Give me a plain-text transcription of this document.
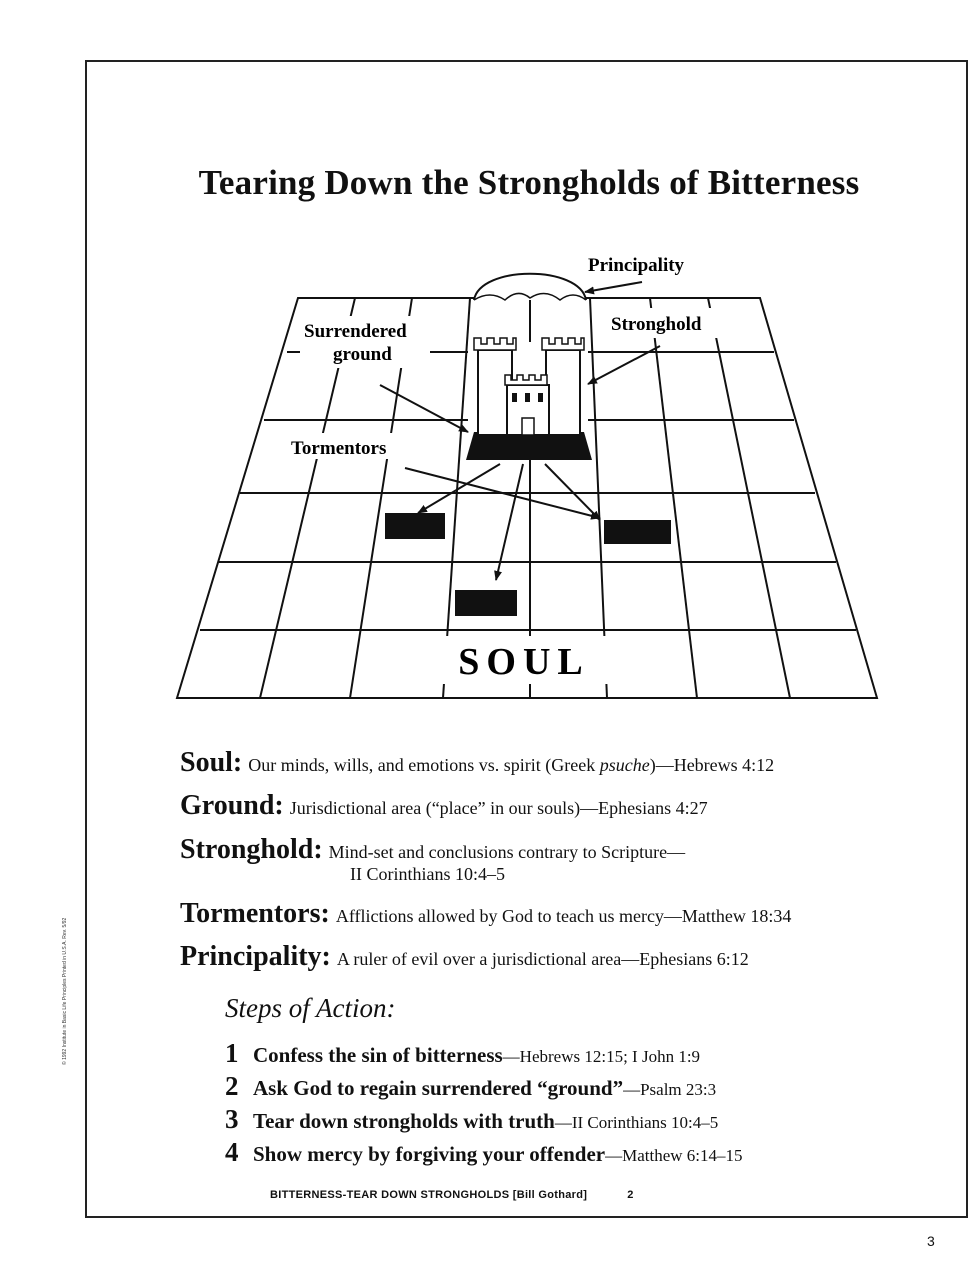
Tearing Down the Strongholds of Bitterness
Principality
Stronghold
Surrendered
ground
Tormentors
SOUL
Soul: Our minds, wills, and emotions vs. spirit (Greek psuche)—Hebrews 4:12
Ground: Jurisdictional area (“place” in our souls)—Ephesians 4:27
Stronghold: Mind-set and conclusions contrary to Scripture—
II Corinthians 10:4–5
Tormentors: Afflictions allowed by God to teach us mercy—Matthew 18:34
Principality: A ruler of evil over a jurisdictional area—Ephesians 6:12
Steps of Action:
1 Confess the sin of bitterness—Hebrews 12:15; I John 1:9
2 Ask God to regain surrendered “ground”—Psalm 23:3
3 Tear down strongholds with truth—II Corinthians 10:4–5
4 Show mercy by forgiving your offender—Matthew 6:14–15
BITTERNESS-TEAR DOWN STRONGHOLDS [Bill Gothard]	2
3
© 1992 Institute in Basic Life Principles Printed in U.S.A. Rev. 5/92
